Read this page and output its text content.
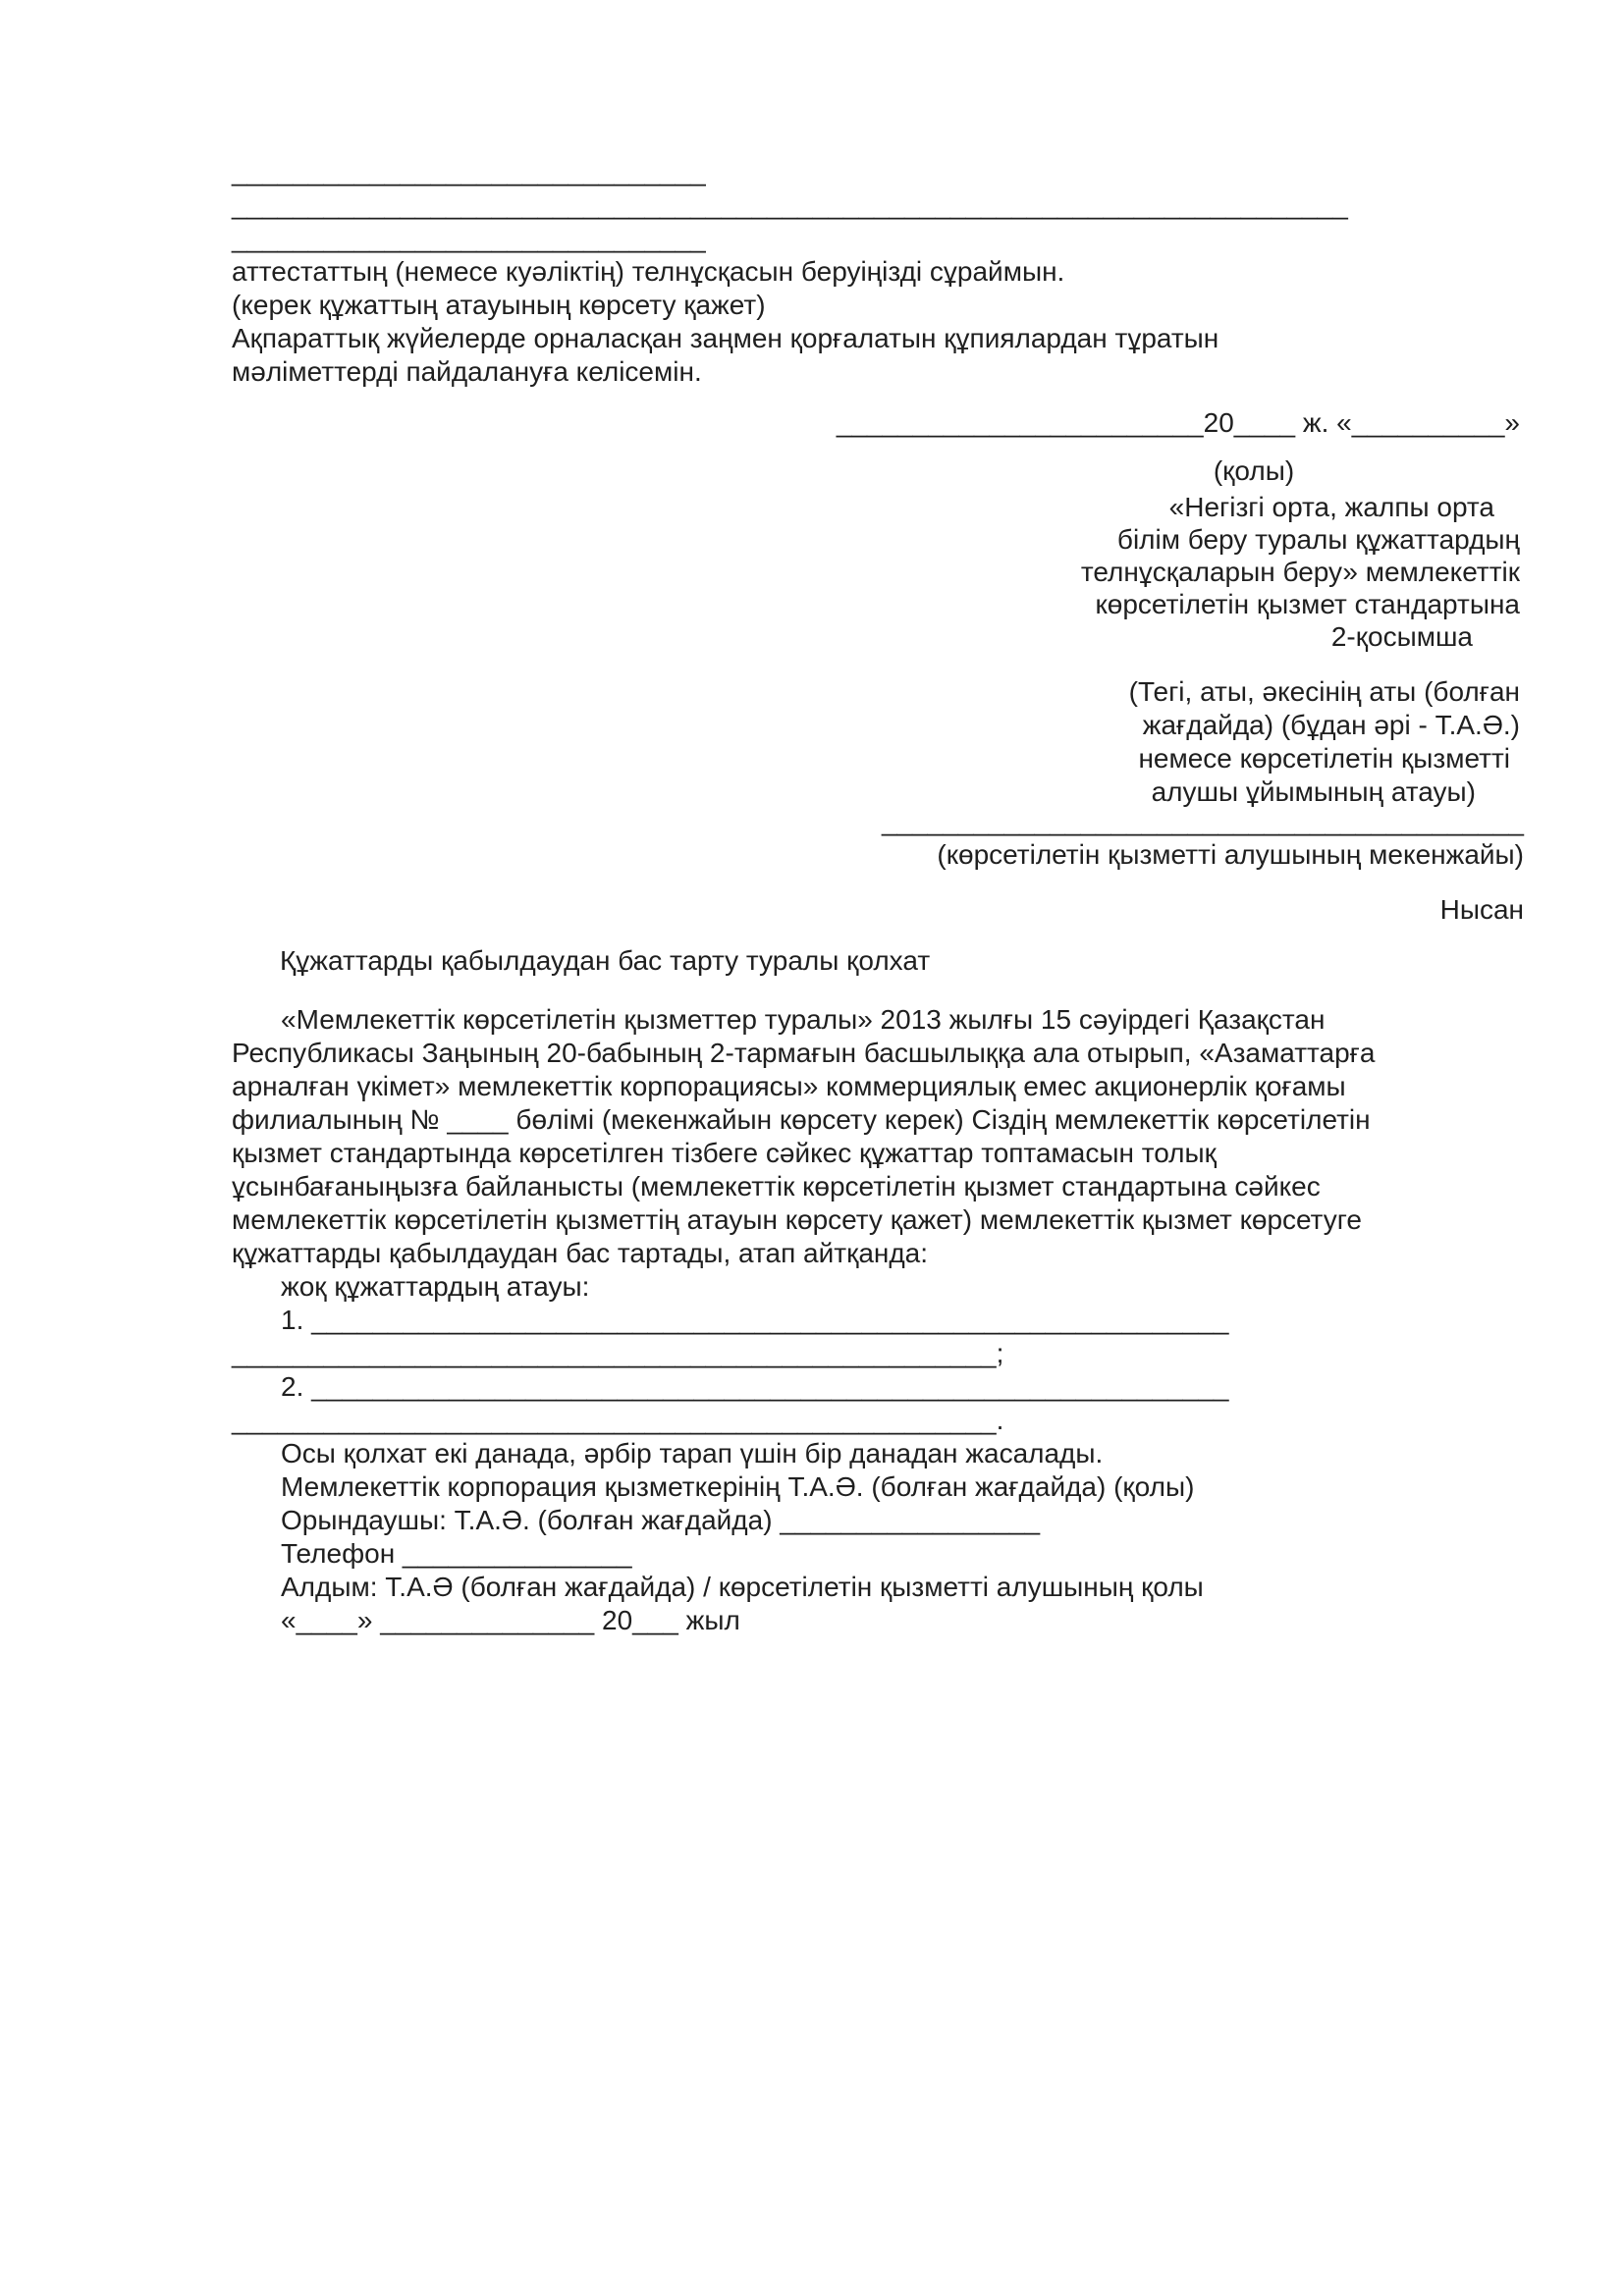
_______________________________
_________________________________________________________________________
_______________________________
аттестаттың (немесе куәліктің) телнұсқасын беруіңізді сұраймын.
(керек құжаттың атауының көрсету қажет)
Ақпараттық жүйелерде орналасқан заңмен қорғалатын құпиялардан тұратын
мәліметтерді пайдалануға келісемін.
________________________20____ ж. «__________»
(қолы)
«Негізгі орта, жалпы орта
білім беру туралы құжаттардың
телнұсқаларын беру» мемлекеттік
көрсетілетін қызмет стандартына
2-қосымша
(Тегі, аты, әкесінің аты (болған
жағдайда) (бұдан әрі - Т.А.Ә.)
немесе көрсетілетін қызметті
алушы ұйымының атауы)
__________________________________________
(көрсетілетін қызметті алушының мекенжайы)
Нысан
Құжаттарды қабылдаудан бас тарту туралы қолхат
«Мемлекеттік көрсетілетін қызметтер туралы» 2013 жылғы 15 сәуірдегі Қазақстан
Республикасы Заңының 20-бабының 2-тармағын басшылыққа ала отырып, «Азаматтарға
арналған үкімет» мемлекеттік корпорациясы» коммерциялық емес акционерлік қоғамы
филиалының № ____ бөлімі (мекенжайын көрсету керек) Сіздің мемлекеттік көрсетілетін
қызмет стандартында көрсетілген тізбеге сәйкес құжаттар топтамасын толық
ұсынбағаныңызға байланысты (мемлекеттік көрсетілетін қызмет стандартына сәйкес
мемлекеттік көрсетілетін қызметтің атауын көрсету қажет) мемлекеттік қызмет көрсетуге
құжаттарды қабылдаудан бас тартады, атап айтқанда:
жоқ құжаттардың атауы:
1. ____________________________________________________________
__________________________________________________;
2. ____________________________________________________________
__________________________________________________.
Осы қолхат екі данада, әрбір тарап үшін бір данадан жасалады.
Мемлекеттік корпорация қызметкерінің Т.А.Ә. (болған жағдайда) (қолы)
Орындаушы: Т.А.Ә. (болған жағдайда) _________________
Телефон _______________
Алдым: Т.А.Ә (болған жағдайда) / көрсетілетін қызметті алушының қолы
«____» ______________ 20___ жыл
